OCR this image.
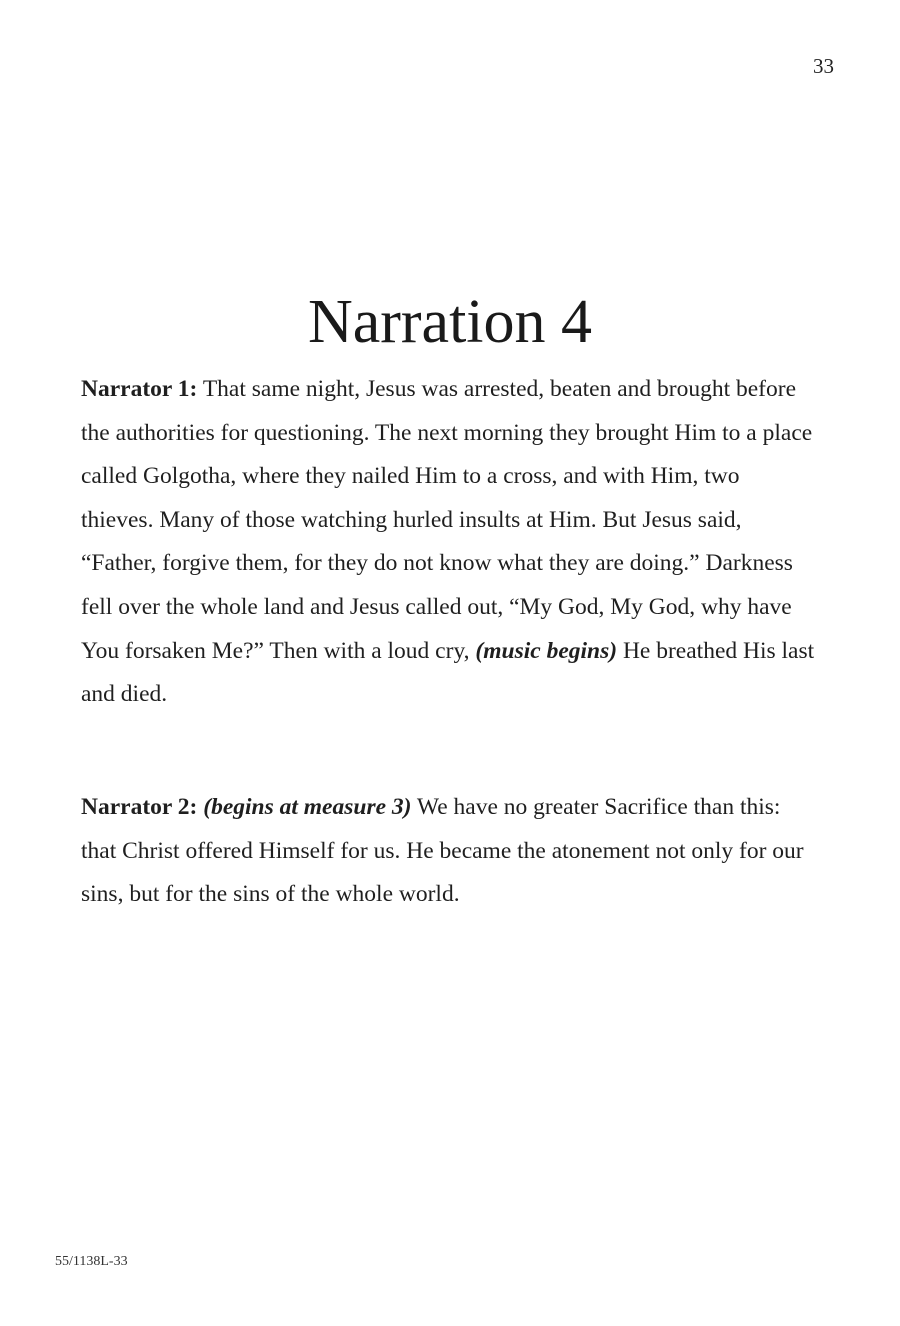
33
Narration 4

Narrator 1: That same night, Jesus was arrested, beaten and brought before the authorities for questioning. The next morning they brought Him to a place called Golgotha, where they nailed Him to a cross, and with Him, two thieves. Many of those watching hurled insults at Him. But Jesus said, “Father, forgive them, for they do not know what they are doing.” Darkness fell over the whole land and Jesus called out, “My God, My God, why have You forsaken Me?” Then with a loud cry, (music begins) He breathed His last and died.

Narrator 2: (begins at measure 3) We have no greater Sacrifice than this: that Christ offered Himself for us. He became the atonement not only for our sins, but for the sins of the whole world.

55/1138L-33
